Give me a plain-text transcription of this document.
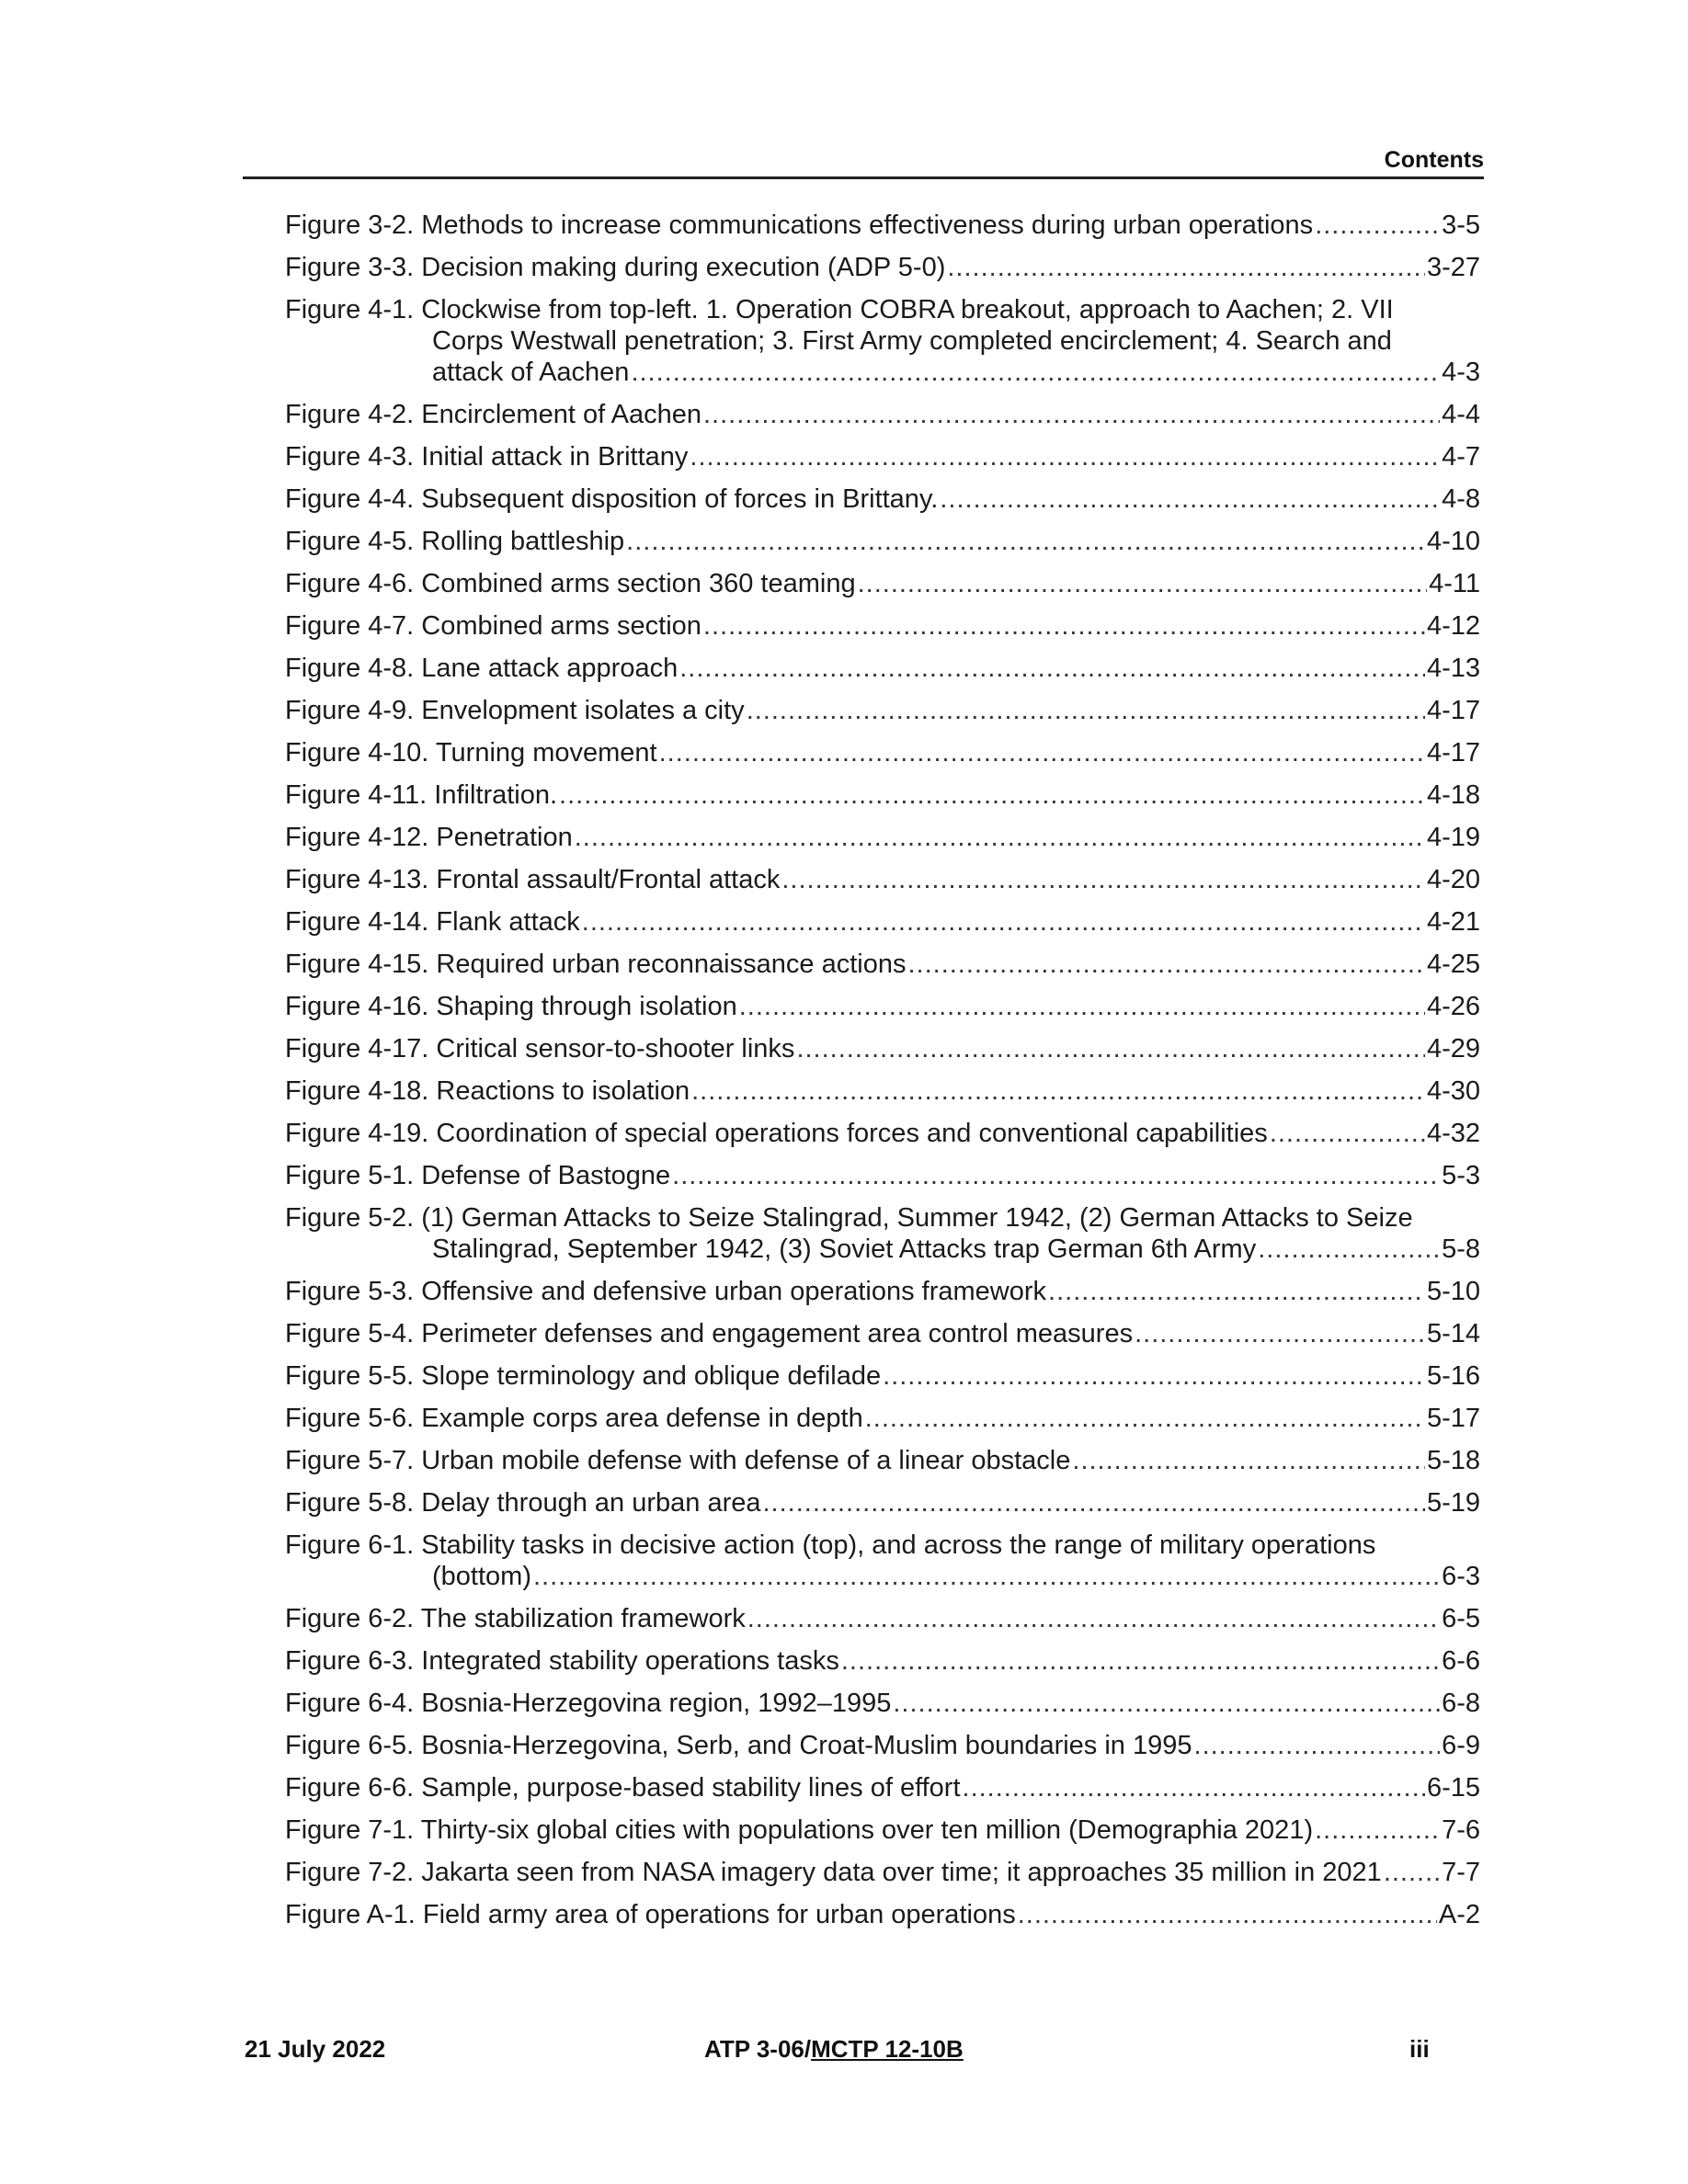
Contents
Figure 3-2. Methods to increase communications effectiveness during urban operations .....	3-5
Figure 3-3. Decision making during execution (ADP 5-0) .....	3-27
Figure 4-1. Clockwise from top-left. 1. Operation COBRA breakout, approach to Aachen; 2. VII
Corps Westwall penetration; 3. First Army completed encirclement; 4. Search and
attack of Aachen .....	4-3
Figure 4-2. Encirclement of Aachen .....	4-4
Figure 4-3. Initial attack in Brittany .....	4-7
Figure 4-4. Subsequent disposition of forces in Brittany. .....	4-8
Figure 4-5. Rolling battleship .....	4-10
Figure 4-6. Combined arms section 360 teaming .....	4-11
Figure 4-7. Combined arms section .....	4-12
Figure 4-8. Lane attack approach .....	4-13
Figure 4-9. Envelopment isolates a city .....	4-17
Figure 4-10. Turning movement .....	4-17
Figure 4-11. Infiltration. .....	4-18
Figure 4-12. Penetration .....	4-19
Figure 4-13. Frontal assault/Frontal attack .....	4-20
Figure 4-14. Flank attack .....	4-21
Figure 4-15. Required urban reconnaissance actions .....	4-25
Figure 4-16. Shaping through isolation .....	4-26
Figure 4-17. Critical sensor-to-shooter links .....	4-29
Figure 4-18. Reactions to isolation .....	4-30
Figure 4-19. Coordination of special operations forces and conventional capabilities .....	4-32
Figure 5-1. Defense of Bastogne .....	5-3
Figure 5-2. (1) German Attacks to Seize Stalingrad, Summer 1942, (2) German Attacks to Seize
Stalingrad, September 1942, (3) Soviet Attacks trap German 6th Army .....	5-8
Figure 5-3. Offensive and defensive urban operations framework .....	5-10
Figure 5-4. Perimeter defenses and engagement area control measures .....	5-14
Figure 5-5. Slope terminology and oblique defilade .....	5-16
Figure 5-6. Example corps area defense in depth .....	5-17
Figure 5-7. Urban mobile defense with defense of a linear obstacle .....	5-18
Figure 5-8. Delay through an urban area .....	5-19
Figure 6-1. Stability tasks in decisive action (top), and across the range of military operations
(bottom) .....	6-3
Figure 6-2. The stabilization framework .....	6-5
Figure 6-3. Integrated stability operations tasks .....	6-6
Figure 6-4. Bosnia-Herzegovina region, 1992–1995 .....	6-8
Figure 6-5. Bosnia-Herzegovina, Serb, and Croat-Muslim boundaries in 1995 .....	6-9
Figure 6-6. Sample, purpose-based stability lines of effort .....	6-15
Figure 7-1. Thirty-six global cities with populations over ten million (Demographia 2021) .....	7-6
Figure 7-2. Jakarta seen from NASA imagery data over time; it approaches 35 million in 2021 ..... 7-7
Figure A-1. Field army area of operations for urban operations .....	A-2
21 July 2022	ATP 3-06/MCTP 12-10B	iii
